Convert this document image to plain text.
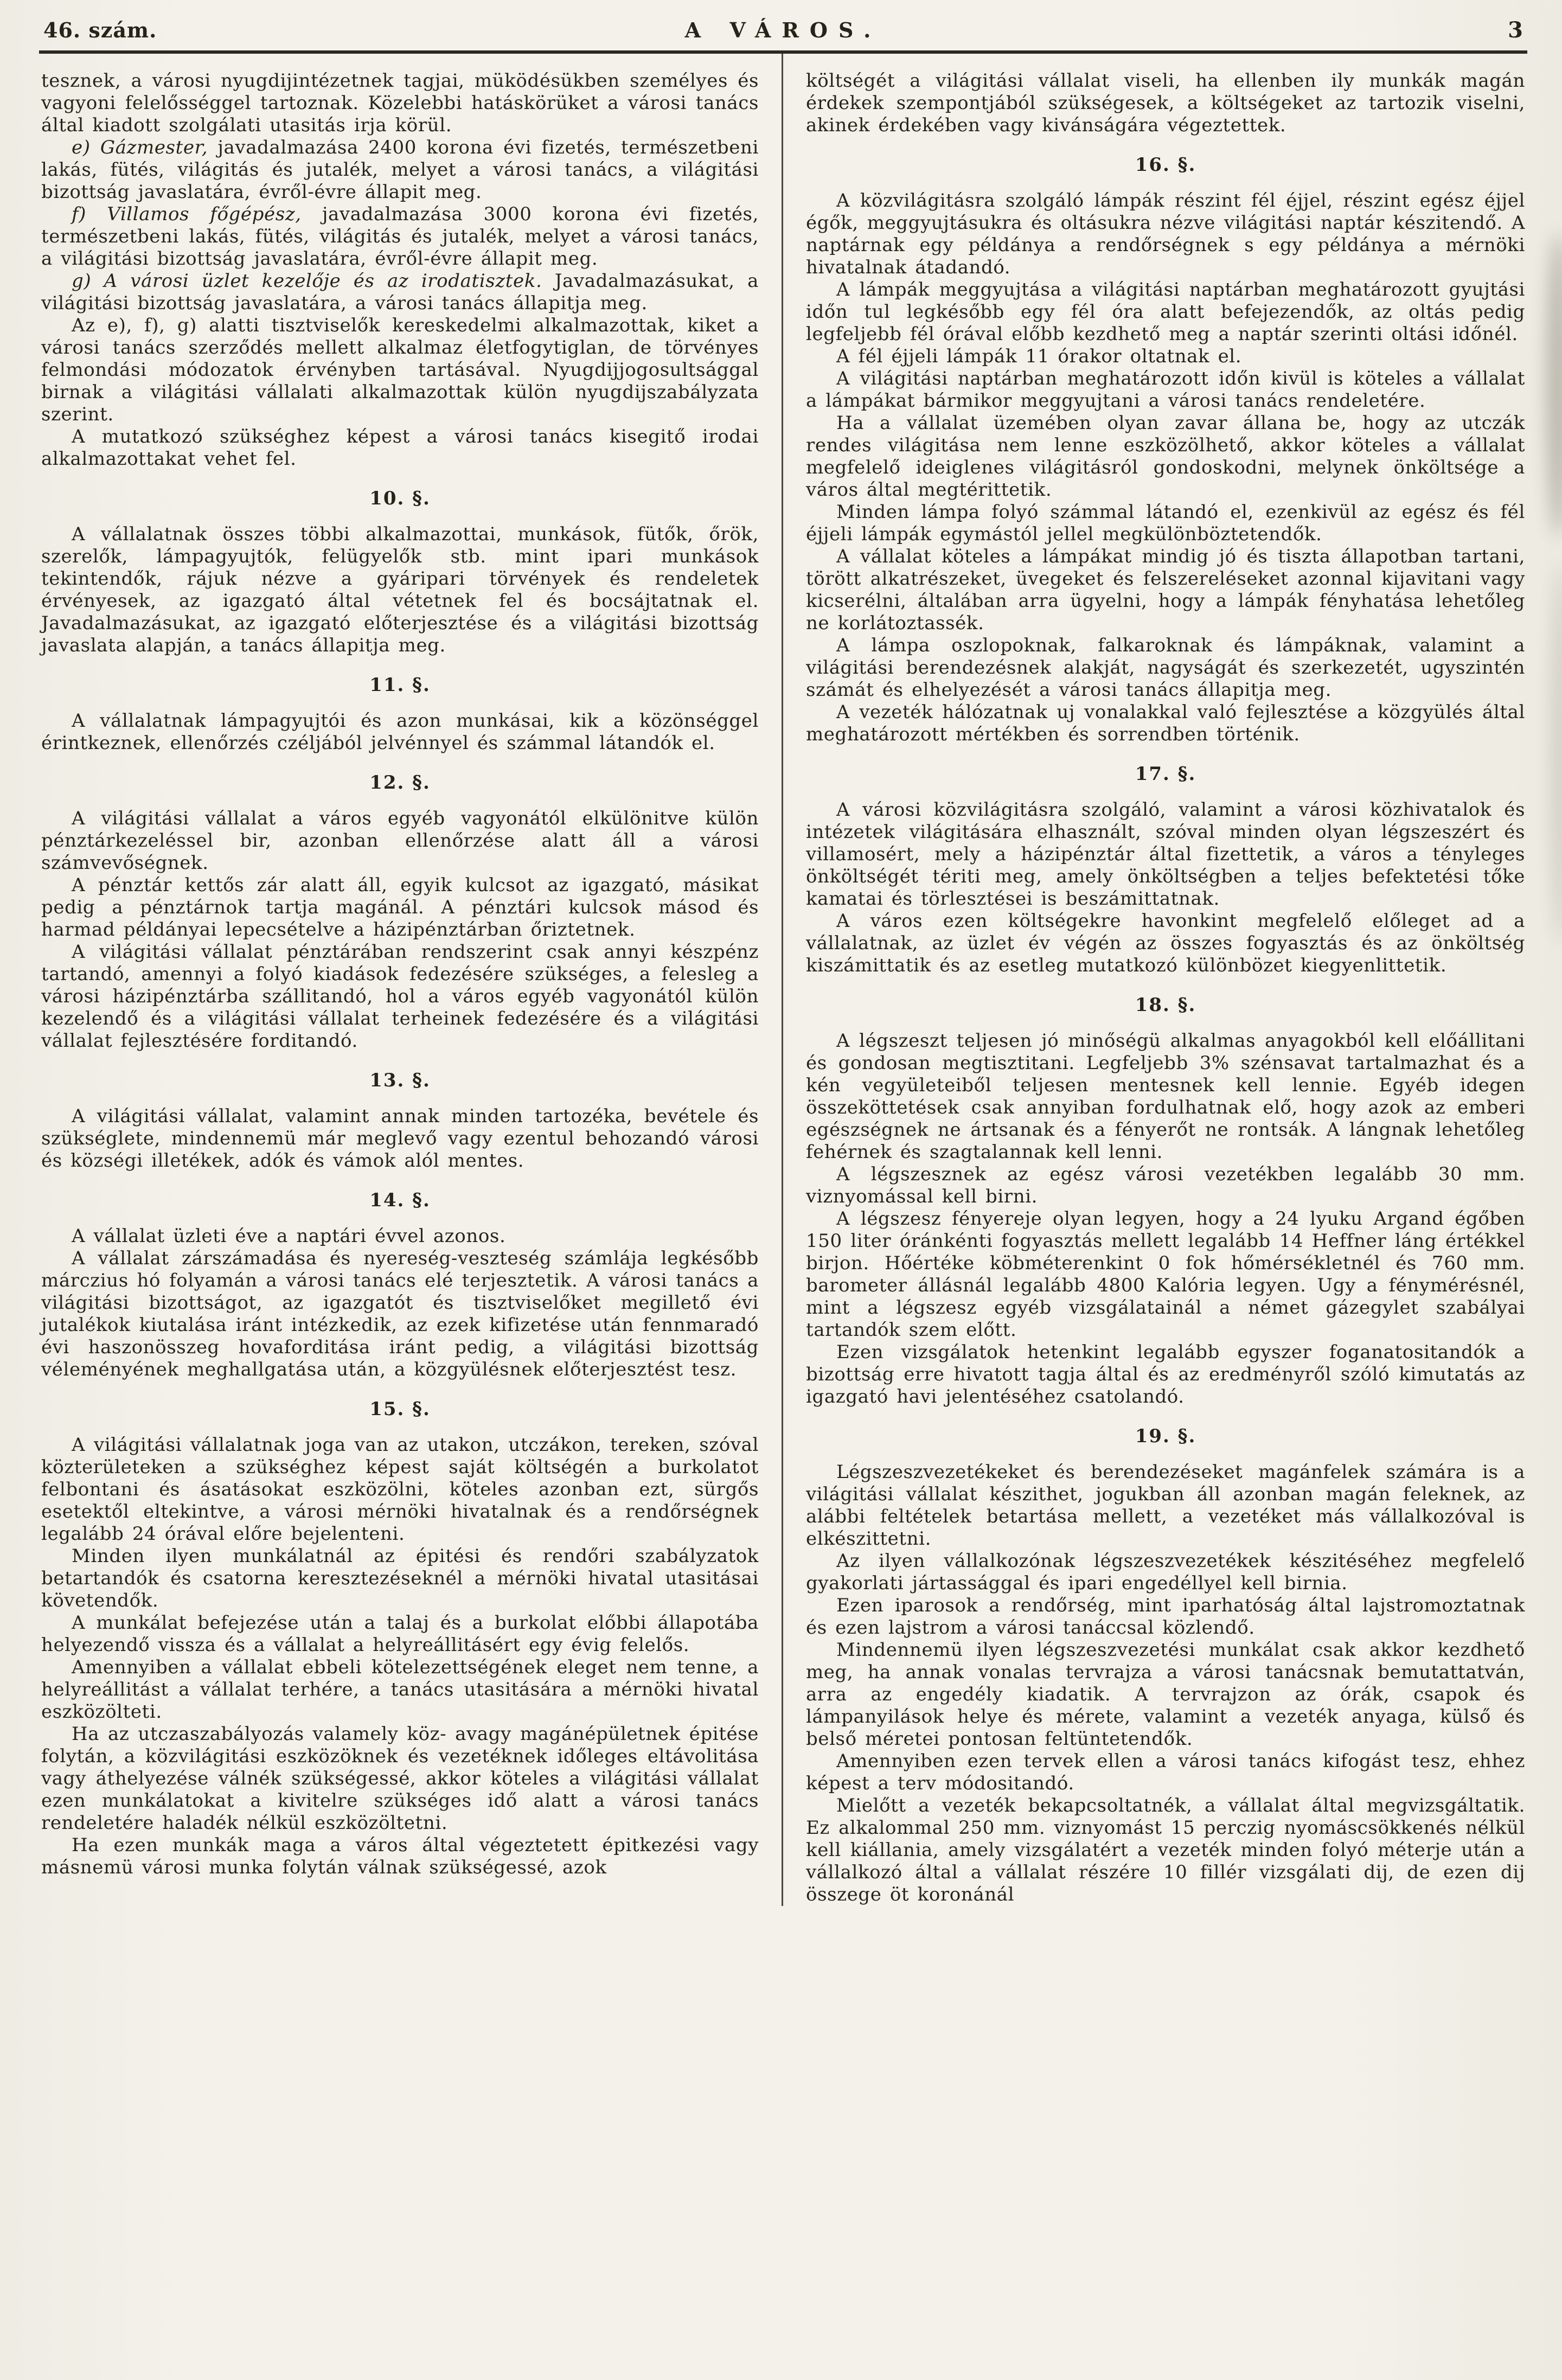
46. szám.	A VÁROS.	3

tesznek, a városi nyugdijintézetnek tagjai, müködésükben személyes és vagyoni felelősséggel tartoznak. Közelebbi hatáskörüket a városi tanács által kiadott szolgálati utasitás irja körül.

e) Gázmester, javadalmazása 2400 korona évi fizetés, természetbeni lakás, fütés, világitás és jutalék, melyet a városi tanács, a világitási bizottság javaslatára, évről-évre állapit meg.

f) Villamos főgépész, javadalmazása 3000 korona évi fizetés, természetbeni lakás, fütés, világitás és jutalék, melyet a városi tanács, a világitási bizottság javaslatára, évről-évre állapit meg.

g) A városi üzlet kezelője és az irodatisztek. Javadalmazásukat, a világitási bizottság javaslatára, a városi tanács állapitja meg.

Az e), f), g) alatti tisztviselők kereskedelmi alkalmazottak, kiket a városi tanács szerződés mellett alkalmaz életfogytiglan, de törvényes felmondási módozatok érvényben tartásával. Nyugdijjogosultsággal birnak a világitási vállalati alkalmazottak külön nyugdijszabályzata szerint.

A mutatkozó szükséghez képest a városi tanács kisegitő irodai alkalmazottakat vehet fel.

10. §.

A vállalatnak összes többi alkalmazottai, munkások, fütők, őrök, szerelők, lámpagyujtók, felügyelők stb. mint ipari munkások tekintendők, rájuk nézve a gyáripari törvények és rendeletek érvényesek, az igazgató által vétetnek fel és bocsájtatnak el. Javadalmazásukat, az igazgató előterjesztése és a világitási bizottság javaslata alapján, a tanács állapitja meg.

11. §.

A vállalatnak lámpagyujtói és azon munkásai, kik a közönséggel érintkeznek, ellenőrzés czéljából jelvénnyel és számmal látandók el.

12. §.

A világitási vállalat a város egyéb vagyonától elkülönitve külön pénztárkezeléssel bir, azonban ellenőrzése alatt áll a városi számvevőségnek.

A pénztár kettős zár alatt áll, egyik kulcsot az igazgató, másikat pedig a pénztárnok tartja magánál. A pénztári kulcsok másod és harmad példányai lepecsételve a házipénztárban őriztetnek.

A világitási vállalat pénztárában rendszerint csak annyi készpénz tartandó, amennyi a folyó kiadások fedezésére szükséges, a felesleg a városi házipénztárba szállitandó, hol a város egyéb vagyonától külön kezelendő és a világitási vállalat terheinek fedezésére és a világitási vállalat fejlesztésére forditandó.

13. §.

A világitási vállalat, valamint annak minden tartozéka, bevétele és szükséglete, mindennemü már meglevő vagy ezentul behozandó városi és községi illetékek, adók és vámok alól mentes.

14. §.

A vállalat üzleti éve a naptári évvel azonos.

A vállalat zárszámadása és nyereség-veszteség számlája legkésőbb márczius hó folyamán a városi tanács elé terjesztetik. A városi tanács a világitási bizottságot, az igazgatót és tisztviselőket megillető évi jutalékok kiutalása iránt intézkedik, az ezek kifizetése után fennmaradó évi haszonösszeg hovaforditása iránt pedig, a világitási bizottság véleményének meghallgatása után, a közgyülésnek előterjesztést tesz.

15. §.

A világitási vállalatnak joga van az utakon, utczákon, tereken, szóval közterületeken a szükséghez képest saját költségén a burkolatot felbontani és ásatásokat eszközölni, köteles azonban ezt, sürgős esetektől eltekintve, a városi mérnöki hivatalnak és a rendőrségnek legalább 24 órával előre bejelenteni.

Minden ilyen munkálatnál az épitési és rendőri szabályzatok betartandók és csatorna keresztezéseknél a mérnöki hivatal utasitásai követendők.

A munkálat befejezése után a talaj és a burkolat előbbi állapotába helyezendő vissza és a vállalat a helyreállitásért egy évig felelős.

Amennyiben a vállalat ebbeli kötelezettségének eleget nem tenne, a helyreállitást a vállalat terhére, a tanács utasitására a mérnöki hivatal eszközölteti.

Ha az utczaszabályozás valamely köz- avagy magánépületnek épitése folytán, a közvilágitási eszközöknek és vezetéknek időleges eltávolitása vagy áthelyezése válnék szükségessé, akkor köteles a világitási vállalat ezen munkálatokat a kivitelre szükséges idő alatt a városi tanács rendeletére haladék nélkül eszközöltetni.

Ha ezen munkák maga a város által végeztetett épitkezési vagy másnemü városi munka folytán válnak szükségessé, azok

költségét a világitási vállalat viseli, ha ellenben ily munkák magán érdekek szempontjából szükségesek, a költségeket az tartozik viselni, akinek érdekében vagy kivánságára végeztettek.

16. §.

A közvilágitásra szolgáló lámpák részint fél éjjel, részint egész éjjel égők, meggyujtásukra és oltásukra nézve világitási naptár készitendő. A naptárnak egy példánya a rendőrségnek s egy példánya a mérnöki hivatalnak átadandó.

A lámpák meggyujtása a világitási naptárban meghatározott gyujtási időn tul legkésőbb egy fél óra alatt befejezendők, az oltás pedig legfeljebb fél órával előbb kezdhető meg a naptár szerinti oltási időnél.

A fél éjjeli lámpák 11 órakor oltatnak el.

A világitási naptárban meghatározott időn kivül is köteles a vállalat a lámpákat bármikor meggyujtani a városi tanács rendeletére.

Ha a vállalat üzemében olyan zavar állana be, hogy az utczák rendes világitása nem lenne eszközölhető, akkor köteles a vállalat megfelelő ideiglenes világitásról gondoskodni, melynek önköltsége a város által megtérittetik.

Minden lámpa folyó számmal látandó el, ezenkivül az egész és fél éjjeli lámpák egymástól jellel megkülönböztetendők.

A vállalat köteles a lámpákat mindig jó és tiszta állapotban tartani, törött alkatrészeket, üvegeket és felszereléseket azonnal kijavitani vagy kicserélni, általában arra ügyelni, hogy a lámpák fényhatása lehetőleg ne korlátoztassék.

A lámpa oszlopoknak, falkaroknak és lámpáknak, valamint a világitási berendezésnek alakját, nagyságát és szerkezetét, ugyszintén számát és elhelyezését a városi tanács állapitja meg.

A vezeték hálózatnak uj vonalakkal való fejlesztése a közgyülés által meghatározott mértékben és sorrendben történik.

17. §.

A városi közvilágitásra szolgáló, valamint a városi közhivatalok és intézetek világitására elhasznált, szóval minden olyan légszeszért és villamosért, mely a házipénztár által fizettetik, a város a tényleges önköltségét tériti meg, amely önköltségben a teljes befektetési tőke kamatai és törlesztései is beszámittatnak.

A város ezen költségekre havonkint megfelelő előleget ad a vállalatnak, az üzlet év végén az összes fogyasztás és az önköltség kiszámittatik és az esetleg mutatkozó különbözet kiegyenlittetik.

18. §.

A légszeszt teljesen jó minőségü alkalmas anyagokból kell előállitani és gondosan megtisztitani. Legfeljebb 3% szénsavat tartalmazhat és a kén vegyületeiből teljesen mentesnek kell lennie. Egyéb idegen összeköttetések csak annyiban fordulhatnak elő, hogy azok az emberi egészségnek ne ártsanak és a fényerőt ne rontsák. A lángnak lehetőleg fehérnek és szagtalannak kell lenni.

A légszesznek az egész városi vezetékben legalább 30 mm. viznyomással kell birni.

A légszesz fényereje olyan legyen, hogy a 24 lyuku Argand égőben 150 liter óránkénti fogyasztás mellett legalább 14 Heffner láng értékkel birjon. Hőértéke köbméterenkint 0 fok hőmérsékletnél és 760 mm. barometer állásnál legalább 4800 Kalória legyen. Ugy a fénymérésnél, mint a légszesz egyéb vizsgálatainál a német gázegylet szabályai tartandók szem előtt.

Ezen vizsgálatok hetenkint legalább egyszer foganatositandók a bizottság erre hivatott tagja által és az eredményről szóló kimutatás az igazgató havi jelentéséhez csatolandó.

19. §.

Légszeszvezetékeket és berendezéseket magánfelek számára is a világitási vállalat készithet, jogukban áll azonban magán feleknek, az alábbi feltételek betartása mellett, a vezetéket más vállalkozóval is elkészittetni.

Az ilyen vállalkozónak légszeszvezetékek készitéséhez megfelelő gyakorlati jártassággal és ipari engedéllyel kell birnia.

Ezen iparosok a rendőrség, mint iparhatóság által lajstromoztatnak és ezen lajstrom a városi tanáccsal közlendő.

Mindennemü ilyen légszeszvezetési munkálat csak akkor kezdhető meg, ha annak vonalas tervrajza a városi tanácsnak bemutattatván, arra az engedély kiadatik. A tervrajzon az órák, csapok és lámpanyilások helye és mérete, valamint a vezeték anyaga, külső és belső méretei pontosan feltüntetendők.

Amennyiben ezen tervek ellen a városi tanács kifogást tesz, ehhez képest a terv módositandó.

Mielőtt a vezeték bekapcsoltatnék, a vállalat által megvizsgáltatik. Ez alkalommal 250 mm. viznyomást 15 perczig nyomáscsökkenés nélkül kell kiállania, amely vizsgálatért a vezeték minden folyó méterje után a vállalkozó által a vállalat részére 10 fillér vizsgálati dij, de ezen dij összege öt koronánál
